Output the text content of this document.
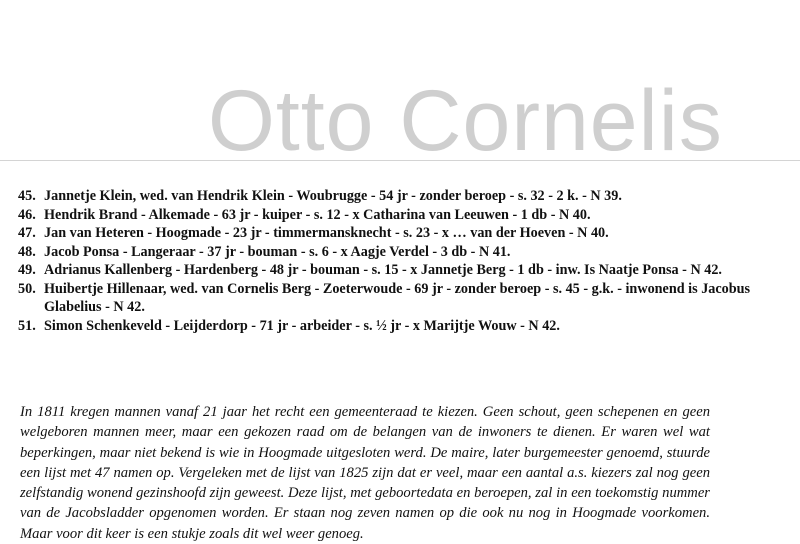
Otto Cornelis
45. Jannetje Klein, wed. van Hendrik Klein - Woubrugge - 54 jr - zonder beroep - s. 32 - 2 k. - N 39.
46. Hendrik Brand - Alkemade - 63 jr - kuiper - s. 12 - x Catharina van Leeuwen - 1 db - N 40.
47. Jan van Heteren - Hoogmade - 23 jr - timmermansknecht - s. 23 - x … van der Hoeven - N 40.
48. Jacob Ponsa - Langeraar - 37 jr - bouman - s. 6 - x Aagje Verdel - 3 db - N 41.
49. Adrianus Kallenberg - Hardenberg - 48 jr - bouman - s. 15 - x Jannetje Berg - 1 db - inw. Is Naatje Ponsa - N 42.
50. Huibertje Hillenaar, wed. van Cornelis Berg - Zoeterwoude - 69 jr - zonder beroep - s. 45 - g.k. - inwonend is Jacobus Glabelius - N 42.
51. Simon Schenkeveld - Leijderdorp - 71 jr - arbeider - s. ½ jr - x Marijtje Wouw - N 42.

In 1811 kregen mannen vanaf 21 jaar het recht een gemeenteraad te kiezen. Geen schout, geen schepenen en geen welgeboren mannen meer, maar een gekozen raad om de belangen van de inwoners te dienen. Er waren wel wat beperkingen, maar niet bekend is wie in Hoogmade uitgesloten werd. De maire, later burgemeester genoemd, stuurde een lijst met 47 namen op. Vergeleken met de lijst van 1825 zijn dat er veel, maar een aantal a.s. kiezers zal nog geen zelfstandig wonend gezinshoofd zijn geweest. Deze lijst, met geboortedata en beroepen, zal in een toekomstig nummer van de Jacobsladder opgenomen worden. Er staan nog zeven namen op die ook nu nog in Hoogmade voorkomen. Maar voor dit keer is een stukje zoals dit wel weer genoeg.
